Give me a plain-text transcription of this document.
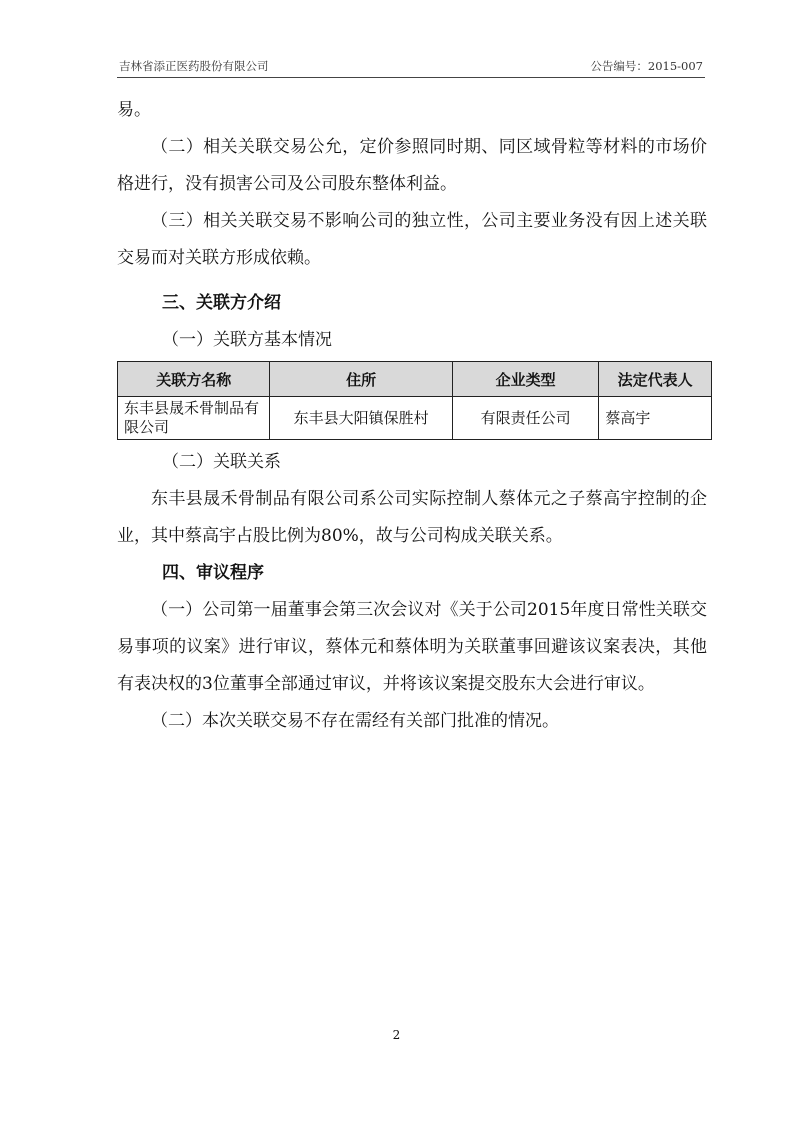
吉林省添正医药股份有限公司	公告编号：2015-007

易。

（二）相关关联交易公允，定价参照同时期、同区域骨粒等材料的市场价格进行，没有损害公司及公司股东整体利益。

（三）相关关联交易不影响公司的独立性，公司主要业务没有因上述关联交易而对关联方形成依赖。

三、关联方介绍

（一）关联方基本情况

关联方名称	住所	企业类型	法定代表人
东丰县晟禾骨制品有限公司	东丰县大阳镇保胜村	有限责任公司	蔡高宇

（二）关联关系

东丰县晟禾骨制品有限公司系公司实际控制人蔡体元之子蔡高宇控制的企业，其中蔡高宇占股比例为80%，故与公司构成关联关系。

四、审议程序

（一）公司第一届董事会第三次会议对《关于公司2015年度日常性关联交易事项的议案》进行审议，蔡体元和蔡体明为关联董事回避该议案表决，其他有表决权的3位董事全部通过审议，并将该议案提交股东大会进行审议。

（二）本次关联交易不存在需经有关部门批准的情况。

2
